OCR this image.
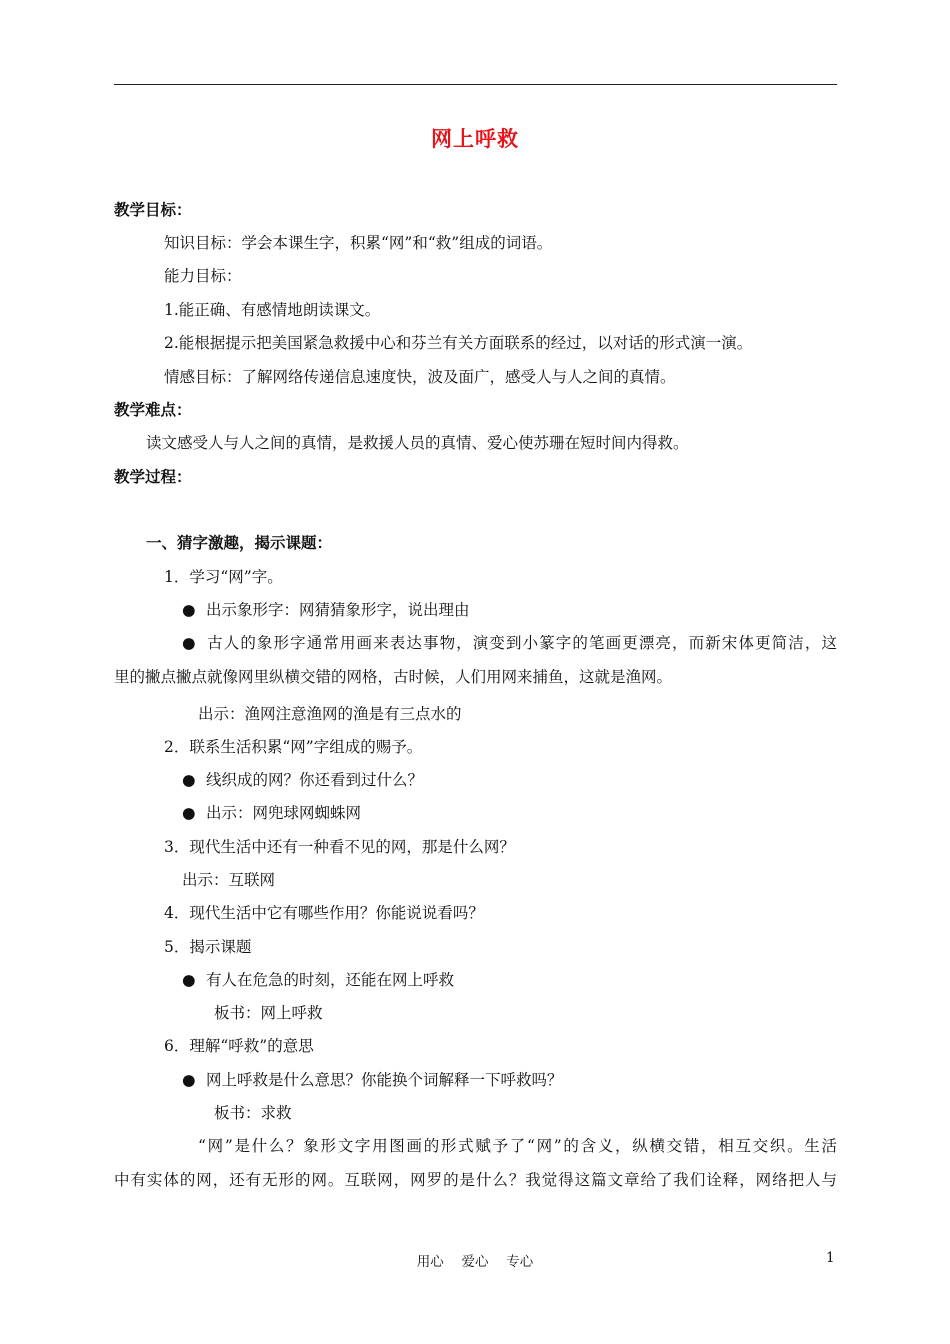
网上呼救
教学目标：
知识目标：学会本课生字，积累“网”和“救”组成的词语。
能力目标：
1.能正确、有感情地朗读课文。
2.能根据提示把美国紧急救援中心和芬兰有关方面联系的经过，以对话的形式演一演。
情感目标：了解网络传递信息速度快，波及面广，感受人与人之间的真情。
教学难点：
读文感受人与人之间的真情，是救援人员的真情、爱心使苏珊在短时间内得救。
教学过程：
一、猜字激趣，揭示课题：
1．学习“网”字。
● 出示象形字：网猜猜象形字，说出理由
● 古人的象形字通常用画来表达事物，演变到小篆字的笔画更漂亮，而新宋体更简洁，这
里的撇点撇点就像网里纵横交错的网格，古时候，人们用网来捕鱼，这就是渔网。
出示：渔网注意渔网的渔是有三点水的
2．联系生活积累“网”字组成的赐予。
● 线织成的网？你还看到过什么？
● 出示：网兜球网蜘蛛网
3．现代生活中还有一种看不见的网，那是什么网？
出示：互联网
4．现代生活中它有哪些作用？你能说说看吗？
5．揭示课题
● 有人在危急的时刻，还能在网上呼救
板书：网上呼救
6．理解“呼救”的意思
● 网上呼救是什么意思？你能换个词解释一下呼救吗？
板书：求救
“网”是什么？象形文字用图画的形式赋予了“网”的含义，纵横交错，相互交织。生活
中有实体的网，还有无形的网。互联网，网罗的是什么？我觉得这篇文章给了我们诠释，网络把人与
用心　 爱心　 专心	1
